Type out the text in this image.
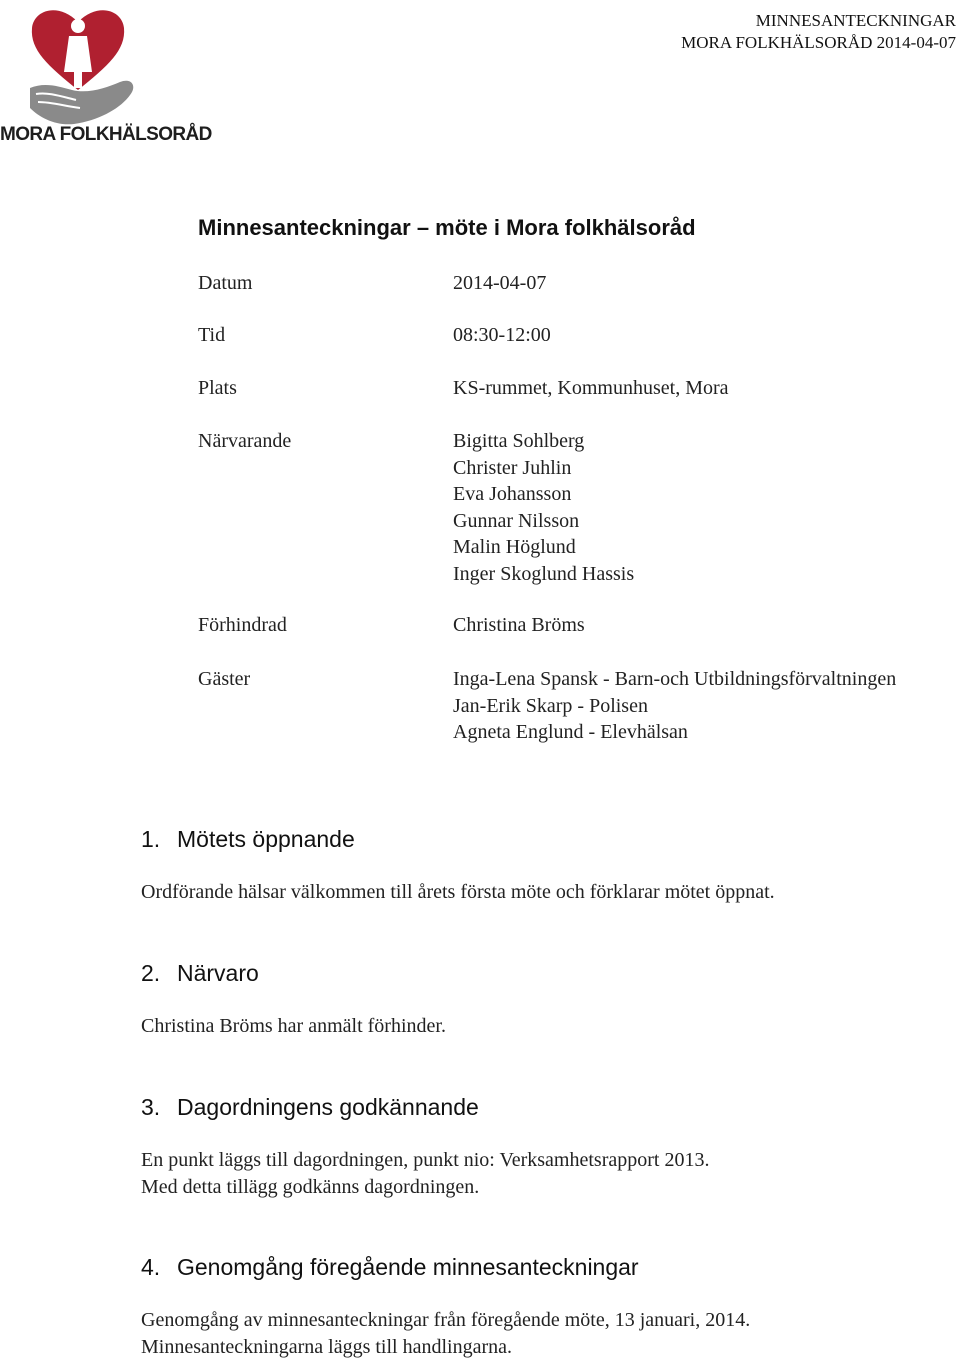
MORA FOLKHÄLSORÅD
MINNESANTECKNINGAR
MORA FOLKHÄLSORÅD 2014-04-07
Minnesanteckningar – möte i Mora folkhälsoråd
Datum	2014-04-07
Tid	08:30-12:00
Plats	KS-rummet, Kommunhuset, Mora
Närvarande	Bigitta Sohlberg
Christer Juhlin
Eva Johansson
Gunnar Nilsson
Malin Höglund
Inger Skoglund Hassis
Förhindrad	Christina Bröms
Gäster	Inga-Lena Spansk - Barn-och Utbildningsförvaltningen
Jan-Erik Skarp - Polisen
Agneta Englund - Elevhälsan
1. Mötets öppnande
Ordförande hälsar välkommen till årets första möte och förklarar mötet öppnat.
2. Närvaro
Christina Bröms har anmält förhinder.
3. Dagordningens godkännande
En punkt läggs till dagordningen, punkt nio: Verksamhetsrapport 2013.
Med detta tillägg godkänns dagordningen.
4. Genomgång föregående minnesanteckningar
Genomgång av minnesanteckningar från föregående möte, 13 januari, 2014.
Minnesanteckningarna läggs till handlingarna.
